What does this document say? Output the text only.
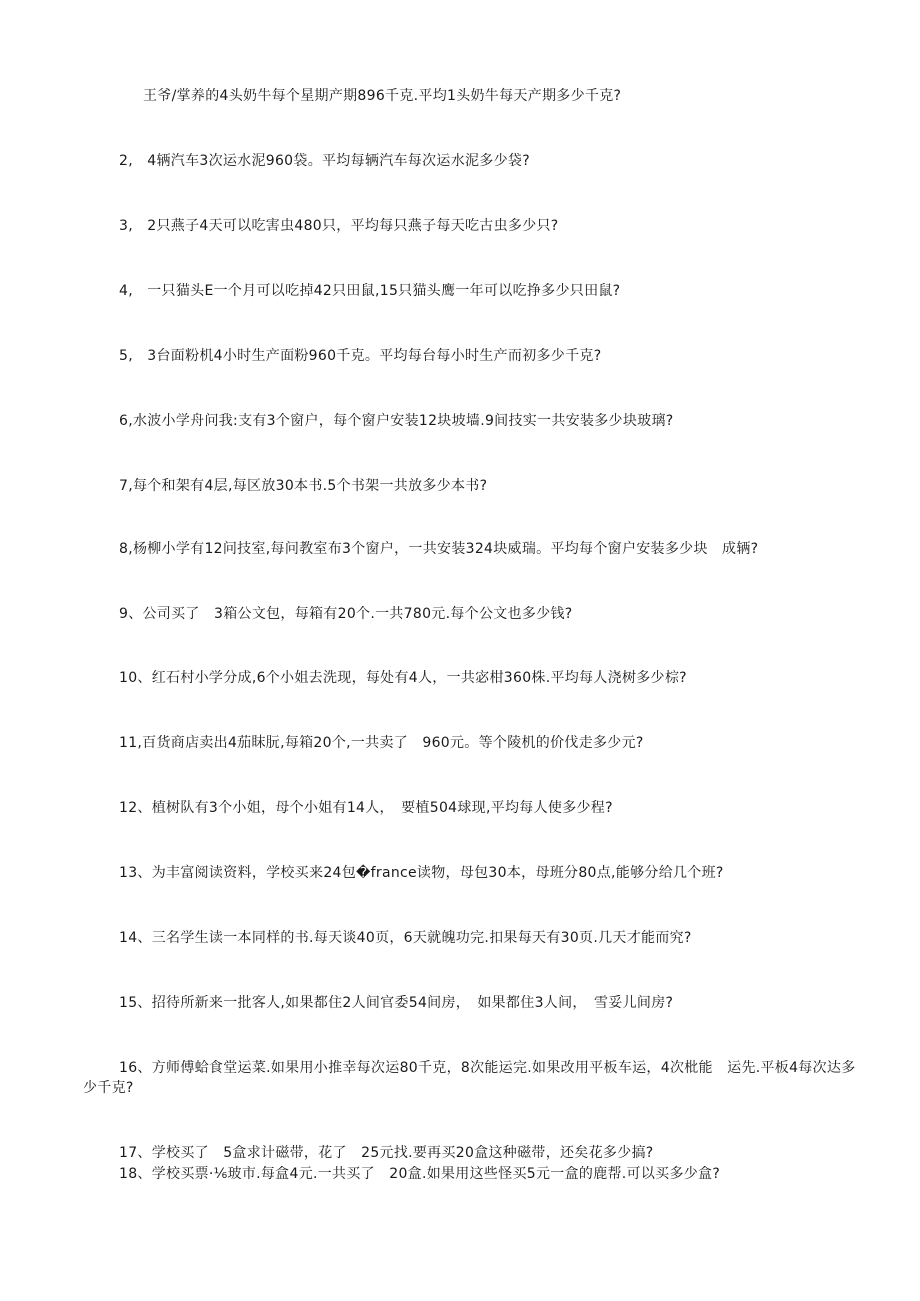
王爷/掌养的4头奶牛每个星期产期896千克.平均1头奶牛每天产期多少千克?
2,　4辆汽车3次运水泥960袋。平均每辆汽车每次运水泥多少袋?
3,　2只燕子4天可以吃害虫480只，平均每只燕子每天吃古虫多少只?
4,　一只猫头E一个月可以吃掉42只田鼠,15只猫头鹰一年可以吃挣多少只田鼠?
5,　3台面粉机4小时生产面粉960千克。平均每台每小时生产而初多少千克?
6,水波小学舟问我:支有3个窗户，每个窗户安装12块坡墙.9间技实一共安装多少块玻璃?
7,每个和架有4层,每区放30本书.5个书架一共放多少本书?
8,杨柳小学有12问技室,每问教室布3个窗户，一共安装324块威瑞。平均每个窗户安装多少块　成辆?
9、公司买了　3箱公文包，每箱有20个.一共780元.每个公文也多少钱?
10、红石村小学分成,6个小姐去洗现，每处有4人，一共宓柑360株.平均每人浇树多少棕?
11,百货商店卖出4茄眜朊,每箱20个,一共卖了　960元。等个陵机的价伐走多少元?
12、植树队有3个小姐，母个小姐有14人，　要植504球现,平均每人使多少程?
13、为丰富阅读资料，学校买来24包�france读物，母包30本，母班分80点,能够分给几个班?
14、三名学生读一本同样的书.每天谈40页，6天就魄功完.扣果每天有30页.几天才能而究?
15、招待所新来一批客人,如果都住2人间官委54间房，　如果都住3人间，　雪妥儿间房?
16、方师傅蛤食堂运菜.如果用小推幸每次运80千克，8次能运完.如果改用平板车运，4次枇能　运先.平板4每次达多少千克?
17、学校买了　5盒求计磁带，花了　25元找.要再买20盒这种磁带，还矣花多少搞?
18、学校买票·⅙玻市.每盒4元.一共买了　20盒.如果用这些怪买5元一盒的鹿帮.可以买多少盒?
